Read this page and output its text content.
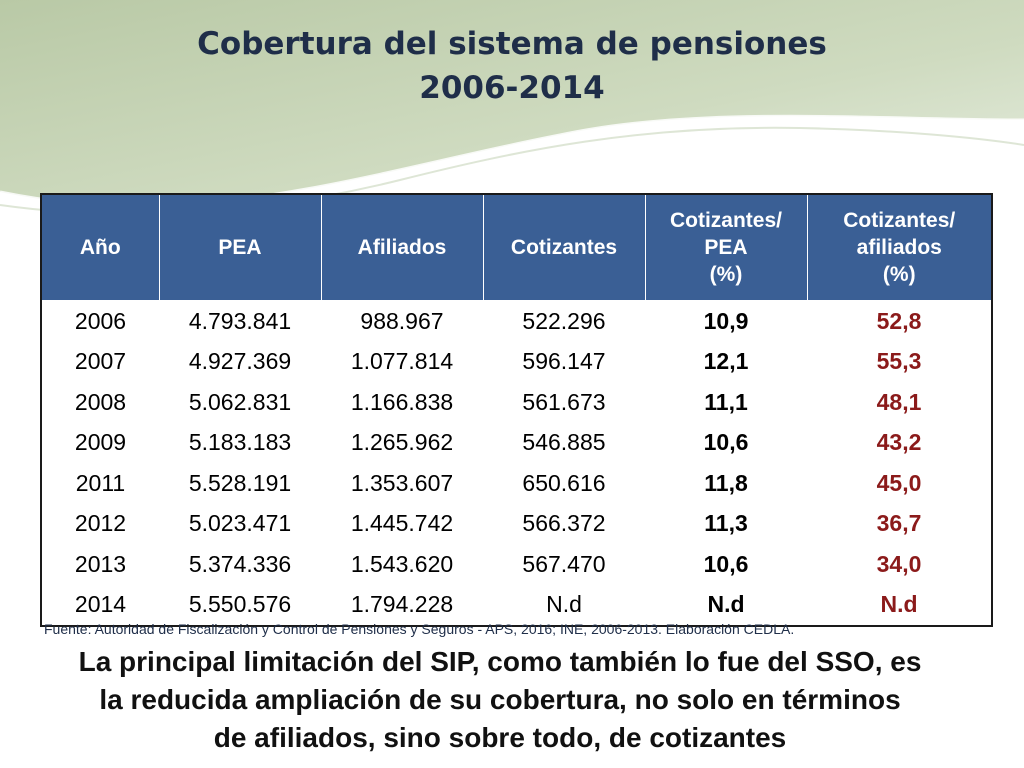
Cobertura del sistema de pensiones
2006-2014
Año	PEA	Afiliados	Cotizantes	Cotizantes/
PEA
(%)	Cotizantes/
afiliados
(%)

2006	4.793.841	988.967	522.296	10,9	52,8
2007	4.927.369	1.077.814	596.147	12,1	55,3
2008	5.062.831	1.166.838	561.673	11,1	48,1
2009	5.183.183	1.265.962	546.885	10,6	43,2
2011	5.528.191	1.353.607	650.616	11,8	45,0
2012	5.023.471	1.445.742	566.372	11,3	36,7
2013	5.374.336	1.543.620	567.470	10,6	34,0
2014	5.550.576	1.794.228	N.d	N.d	N.d
Fuente: Autoridad de Fiscalización y Control de Pensiones y Seguros - APS, 2016; INE, 2006-2013. Elaboración CEDLA.
La principal limitación del SIP, como también lo fue del SSO, es
la reducida ampliación de su cobertura, no solo en términos
de afiliados, sino sobre todo, de cotizantes
